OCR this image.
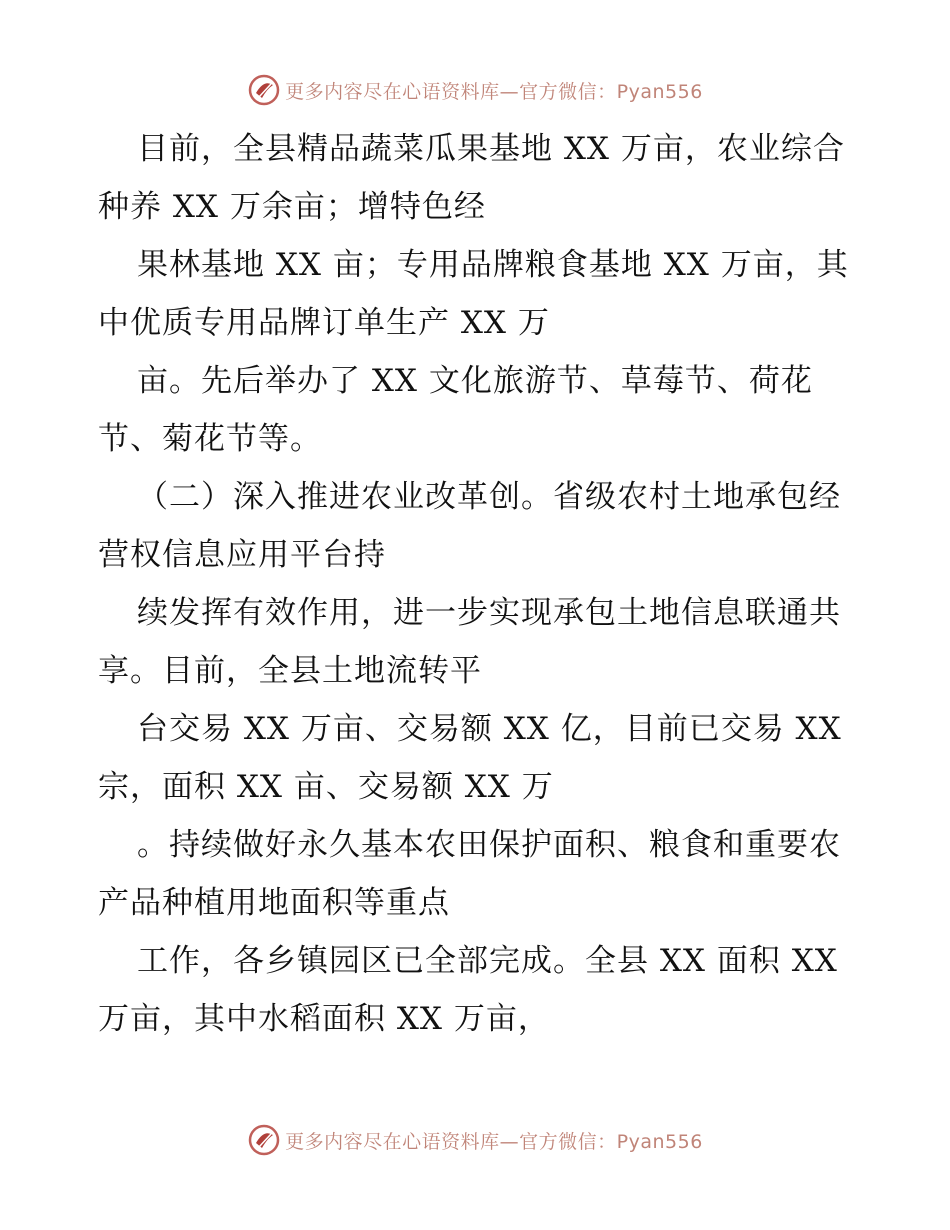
更多内容尽在心语资料库—官方微信：Pyan556

目前，全县精品蔬菜瓜果基地 XX 万亩，农业综合种养 XX 万余亩；增特色经

果林基地 XX 亩；专用品牌粮食基地 XX 万亩，其中优质专用品牌订单生产 XX 万

亩。先后举办了 XX 文化旅游节、草莓节、荷花节、菊花节等。

（二）深入推进农业改革创。省级农村土地承包经营权信息应用平台持

续发挥有效作用，进一步实现承包土地信息联通共享。目前，全县土地流转平

台交易 XX 万亩、交易额 XX 亿，目前已交易 XX 宗，面积 XX 亩、交易额 XX 万

。持续做好永久基本农田保护面积、粮食和重要农产品种植用地面积等重点

工作，各乡镇园区已全部完成。全县 XX 面积 XX 万亩，其中水稻面积 XX 万亩，

更多内容尽在心语资料库—官方微信：Pyan556
